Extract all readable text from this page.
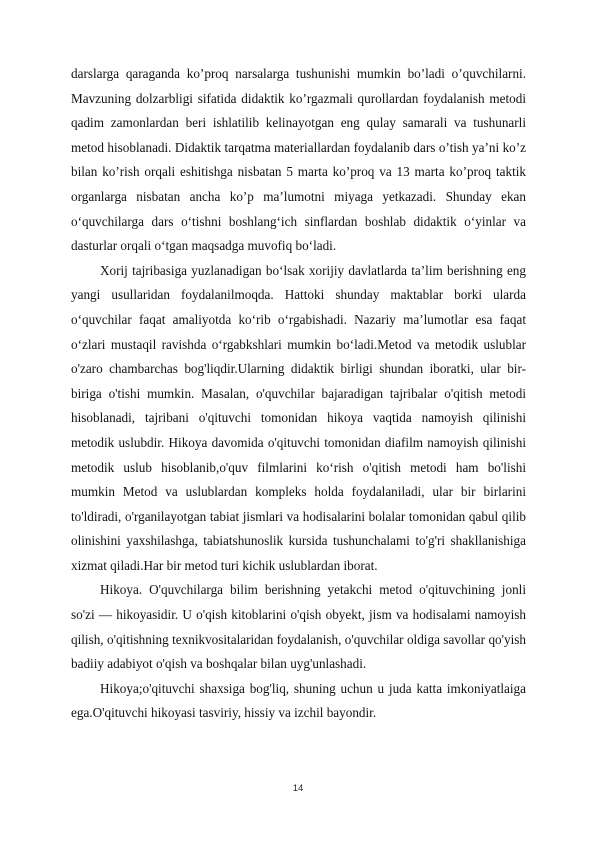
darslarga qaraganda ko’proq narsalarga tushunishi mumkin bo’ladi o’quvchilarni. Mavzuning dolzarbligi sifatida didaktik ko’rgazmali qurollardan foydalanish metodi qadim zamonlardan beri ishlatilib kelinayotgan eng qulay samarali va tushunarli metod hisoblanadi. Didaktik tarqatma materiallardan foydalanib dars o’tish ya’ni ko’z bilan ko’rish orqali eshitishga nisbatan 5 marta ko’proq va 13 marta ko’proq taktik organlarga nisbatan ancha ko’p ma’lumotni miyaga yetkazadi. Shunday ekan o‘quvchilarga dars o‘tishni boshlang‘ich sinflardan boshlab didaktik o‘yinlar va dasturlar orqali o‘tgan maqsadga muvofiq bo‘ladi.

Xorij tajribasiga yuzlanadigan bo‘lsak xorijiy davlatlarda ta’lim berishning eng yangi usullaridan foydalanilmoqda. Hattoki shunday maktablar borki ularda o‘quvchilar faqat amaliyotda ko‘rib o‘rgabishadi. Nazariy ma’lumotlar esa faqat o‘zlari mustaqil ravishda o‘rgabkshlari mumkin bo‘ladi.Metod va metodik uslublar o'zaro chambarchas bog'liqdir.Ularning didaktik birligi shundan iboratki, ular bir-biriga o'tishi mumkin. Masalan, o'quvchilar bajaradigan tajribalar o'qitish metodi hisoblanadi, tajribani o'qituvchi tomonidan hikoya vaqtida namoyish qilinishi metodik uslubdir. Hikoya davomida o'qituvchi tomonidan diafilm namoyish qilinishi metodik uslub hisoblanib,o'quv filmlarini ko‘rish o'qitish metodi ham bo'lishi mumkin Metod va uslublardan kompleks holda foydalaniladi, ular bir birlarini to'ldiradi, o'rganilayotgan tabiat jismlari va hodisalarini bolalar tomonidan qabul qilib olinishini yaxshilashga, tabiatshunoslik kursida tushunchalami to'g'ri shakllanishiga xizmat qiladi.Har bir metod turi kichik uslublardan iborat.

Hikoya. O'quvchilarga bilim berishning yetakchi metod o'qituvchining jonli so'zi — hikoyasidir. U o'qish kitoblarini o'qish obyekt, jism va hodisalami namoyish qilish, o'qitishning texnikvositalaridan foydalanish, o'quvchilar oldiga savollar qo'yish badiiy adabiyot o'qish va boshqalar bilan uyg'unlashadi.

Hikoya;o'qituvchi shaxsiga bog'liq, shuning uchun u juda katta imkoniyatlaiga ega.O'qituvchi hikoyasi tasviriy, hissiy va izchil bayondir.

14
